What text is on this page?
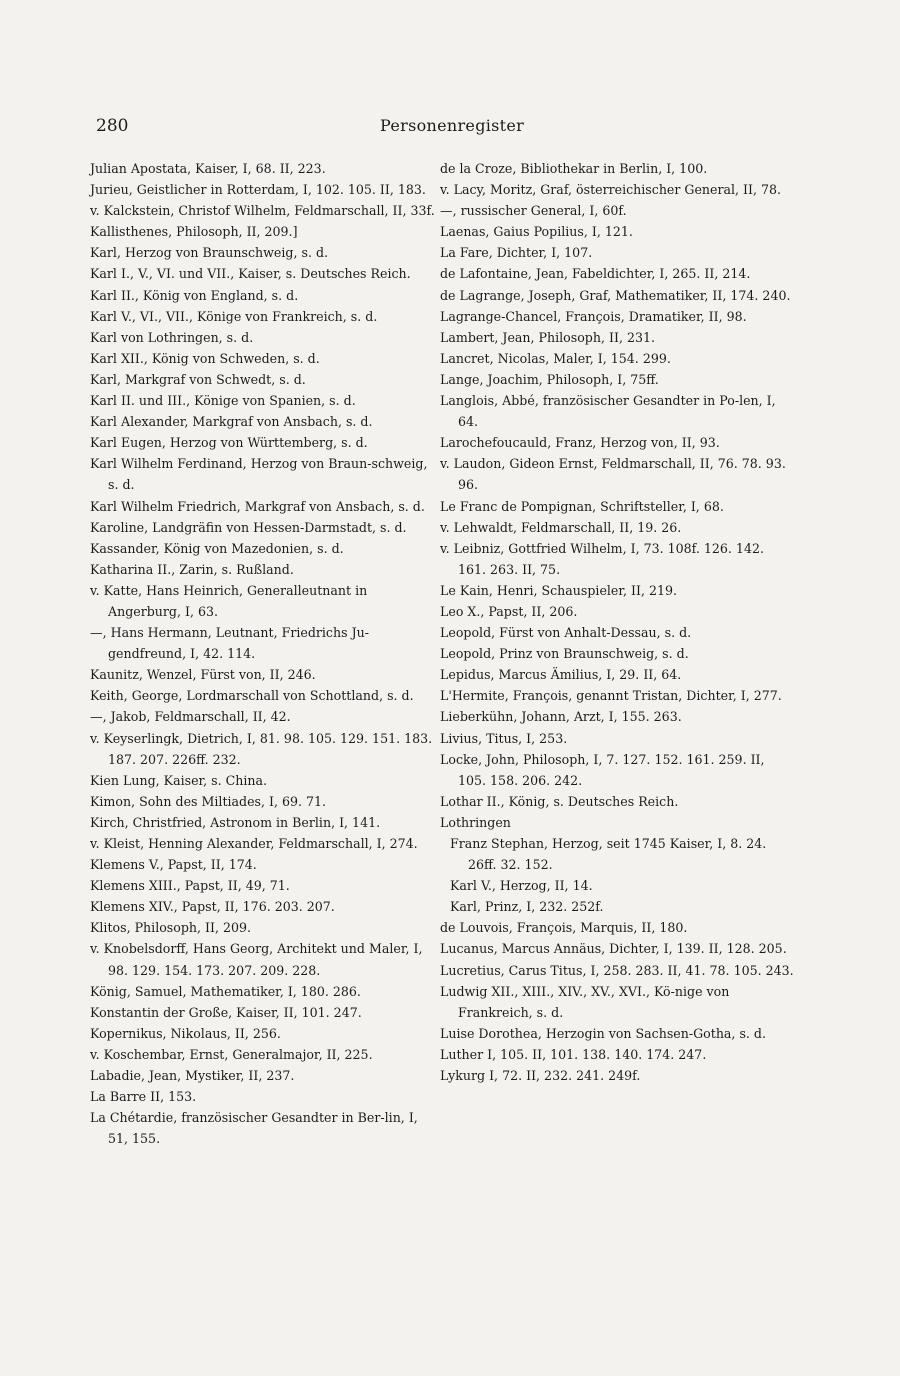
280	Personenregister
Julian Apostata, Kaiser, I, 68. II, 223.
Jurieu, Geistlicher in Rotterdam, I, 102. 105. II, 183.
v. Kalckstein, Christof Wilhelm, Feldmarschall, II, 33f.
Kallisthenes, Philosoph, II, 209.]
Karl, Herzog von Braunschweig, s. d.
Karl I., V., VI. und VII., Kaiser, s. Deutsches Reich.
Karl II., König von England, s. d.
Karl V., VI., VII., Könige von Frankreich, s. d.
Karl von Lothringen, s. d.
Karl XII., König von Schweden, s. d.
Karl, Markgraf von Schwedt, s. d.
Karl II. und III., Könige von Spanien, s. d.
Karl Alexander, Markgraf von Ansbach, s. d.
Karl Eugen, Herzog von Württemberg, s. d.
Karl Wilhelm Ferdinand, Herzog von Braun-schweig, s. d.
Karl Wilhelm Friedrich, Markgraf von Ansbach, s. d.
Karoline, Landgräfin von Hessen-Darmstadt, s. d.
Kassander, König von Mazedonien, s. d.
Katharina II., Zarin, s. Rußland.
v. Katte, Hans Heinrich, Generalleutnant in Angerburg, I, 63.
—, Hans Hermann, Leutnant, Friedrichs Ju-gendfreund, I, 42. 114.
Kaunitz, Wenzel, Fürst von, II, 246.
Keith, George, Lordmarschall von Schottland, s. d.
—, Jakob, Feldmarschall, II, 42.
v. Keyserlingk, Dietrich, I, 81. 98. 105. 129. 151. 183. 187. 207. 226ff. 232.
Kien Lung, Kaiser, s. China.
Kimon, Sohn des Miltiades, I, 69. 71.
Kirch, Christfried, Astronom in Berlin, I, 141.
v. Kleist, Henning Alexander, Feldmarschall, I, 274.
Klemens V., Papst, II, 174.
Klemens XIII., Papst, II, 49, 71.
Klemens XIV., Papst, II, 176. 203. 207.
Klitos, Philosoph, II, 209.
v. Knobelsdorff, Hans Georg, Architekt und Maler, I, 98. 129. 154. 173. 207. 209. 228.
König, Samuel, Mathematiker, I, 180. 286.
Konstantin der Große, Kaiser, II, 101. 247.
Kopernikus, Nikolaus, II, 256.
v. Koschembar, Ernst, Generalmajor, II, 225.
Labadie, Jean, Mystiker, II, 237.
La Barre II, 153.
La Chétardie, französischer Gesandter in Ber-lin, I, 51, 155.
de la Croze, Bibliothekar in Berlin, I, 100.
v. Lacy, Moritz, Graf, österreichischer General, II, 78.
—, russischer General, I, 60f.
Laenas, Gaius Popilius, I, 121.
La Fare, Dichter, I, 107.
de Lafontaine, Jean, Fabeldichter, I, 265. II, 214.
de Lagrange, Joseph, Graf, Mathematiker, II, 174. 240.
Lagrange-Chancel, François, Dramatiker, II, 98.
Lambert, Jean, Philosoph, II, 231.
Lancret, Nicolas, Maler, I, 154. 299.
Lange, Joachim, Philosoph, I, 75ff.
Langlois, Abbé, französischer Gesandter in Po-len, I, 64.
Larochefoucauld, Franz, Herzog von, II, 93.
v. Laudon, Gideon Ernst, Feldmarschall, II, 76. 78. 93. 96.
Le Franc de Pompignan, Schriftsteller, I, 68.
v. Lehwaldt, Feldmarschall, II, 19. 26.
v. Leibniz, Gottfried Wilhelm, I, 73. 108f. 126. 142. 161. 263. II, 75.
Le Kain, Henri, Schauspieler, II, 219.
Leo X., Papst, II, 206.
Leopold, Fürst von Anhalt-Dessau, s. d.
Leopold, Prinz von Braunschweig, s. d.
Lepidus, Marcus Ämilius, I, 29. II, 64.
L'Hermite, François, genannt Tristan, Dichter, I, 277.
Lieberkühn, Johann, Arzt, I, 155. 263.
Livius, Titus, I, 253.
Locke, John, Philosoph, I, 7. 127. 152. 161. 259. II, 105. 158. 206. 242.
Lothar II., König, s. Deutsches Reich.
Lothringen
Franz Stephan, Herzog, seit 1745 Kaiser, I, 8. 24. 26ff. 32. 152.
Karl V., Herzog, II, 14.
Karl, Prinz, I, 232. 252f.
de Louvois, François, Marquis, II, 180.
Lucanus, Marcus Annäus, Dichter, I, 139. II, 128. 205.
Lucretius, Carus Titus, I, 258. 283. II, 41. 78. 105. 243.
Ludwig XII., XIII., XIV., XV., XVI., Kö-nige von Frankreich, s. d.
Luise Dorothea, Herzogin von Sachsen-Gotha, s. d.
Luther I, 105. II, 101. 138. 140. 174. 247.
Lykurg I, 72. II, 232. 241. 249f.
